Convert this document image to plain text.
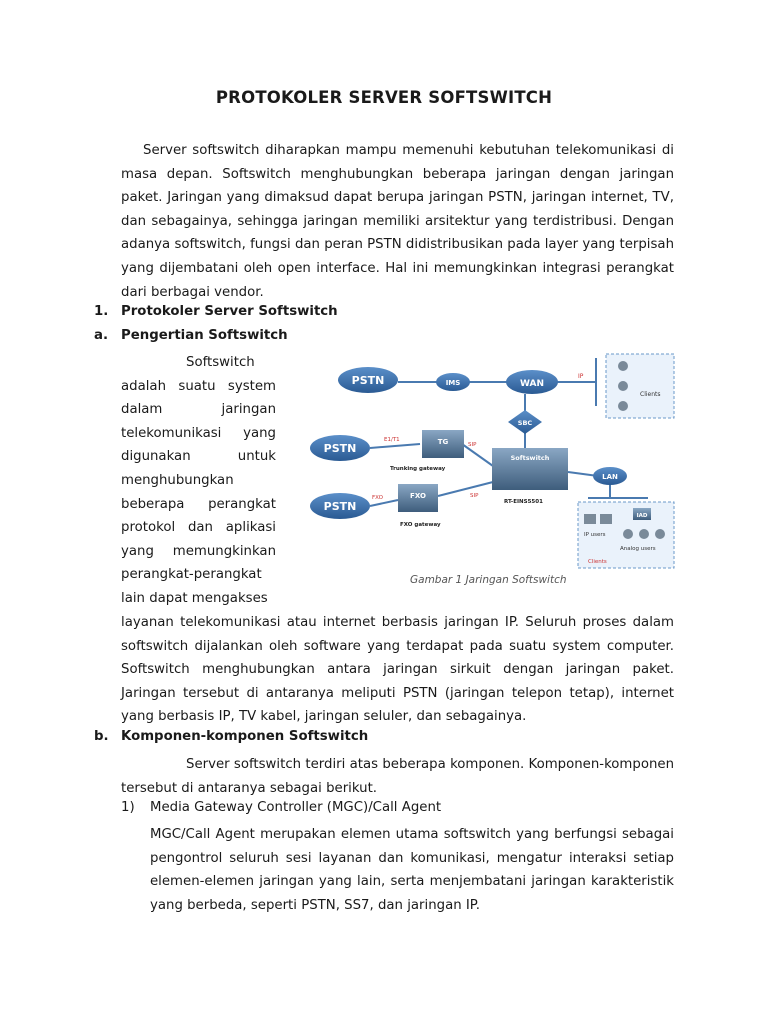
PROTOKOLER SERVER SOFTSWITCH

Server softswitch diharapkan mampu memenuhi kebutuhan telekomunikasi di masa depan. Softswitch menghubungkan beberapa jaringan dengan jaringan paket. Jaringan yang dimaksud dapat berupa jaringan PSTN, jaringan internet, TV, dan sebagainya, sehingga jaringan memiliki arsitektur yang terdistribusi. Dengan adanya softswitch, fungsi dan peran PSTN didistribusikan pada layer yang terpisah yang dijembatani oleh open interface. Hal ini memungkinkan integrasi perangkat dari berbagai vendor.

1. Protokoler Server Softswitch
a. Pengertian Softswitch

Softswitch adalah suatu system dalam jaringan telekomunikasi yang digunakan untuk menghubungkan beberapa perangkat protokol dan aplikasi yang memungkinkan perangkat-perangkat lain dapat mengakses

Clients
IP
PSTN	IMS	WAN
SBC
PSTN
E1/T1	TG
Trunking gateway
SIP
Softswitch
RT-EINS5501
LAN
PSTN
FXO	FXO
FXO gateway
SIP
IAD
IP users
Analog users
Clients
Gambar 1 Jaringan Softswitch

layanan telekomunikasi atau internet berbasis jaringan IP. Seluruh proses dalam softswitch dijalankan oleh software yang terdapat pada suatu system computer. Softswitch menghubungkan antara jaringan sirkuit dengan jaringan paket. Jaringan tersebut di antaranya meliputi PSTN (jaringan telepon tetap), internet yang berbasis IP, TV kabel, jaringan seluler, dan sebagainya.

b. Komponen-komponen Softswitch

Server softswitch terdiri atas beberapa komponen. Komponen-komponen tersebut di antaranya sebagai berikut.

1) Media Gateway Controller (MGC)/Call Agent

MGC/Call Agent merupakan elemen utama softswitch yang berfungsi sebagai pengontrol seluruh sesi layanan dan komunikasi, mengatur interaksi setiap elemen-elemen jaringan yang lain, serta menjembatani jaringan karakteristik yang berbeda, seperti PSTN, SS7, dan jaringan IP.
